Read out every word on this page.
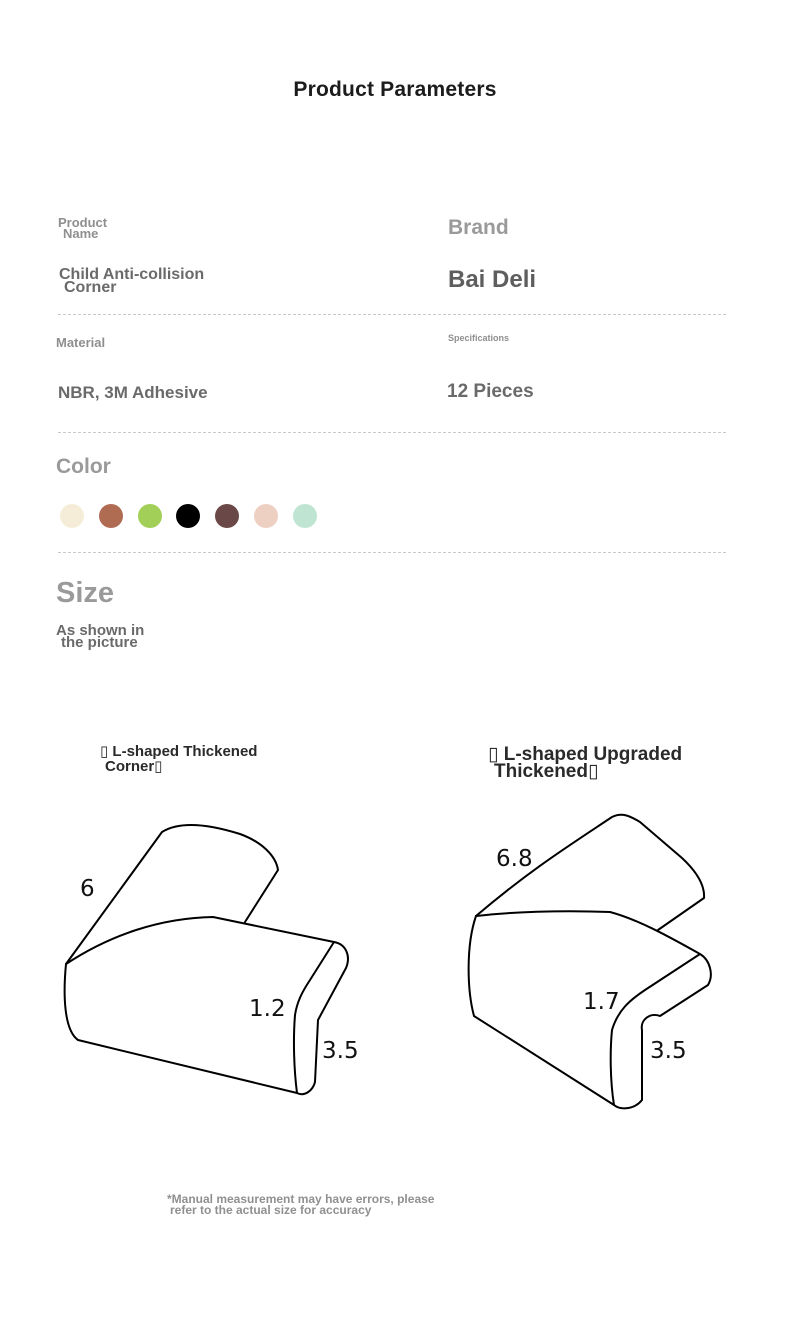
Product Parameters
Product
Name	Brand
Child Anti-collision
Corner	Bai Deli
Material	Specifications
NBR, 3M Adhesive	12 Pieces
Color
Size
As shown in
the picture
▯ L-shaped Thickened
Corner▯
▯ L-shaped Upgraded
Thickened▯
6
1.2
3.5
6.8
1.7
3.5
*Manual measurement may have errors, please
refer to the actual size for accuracy
